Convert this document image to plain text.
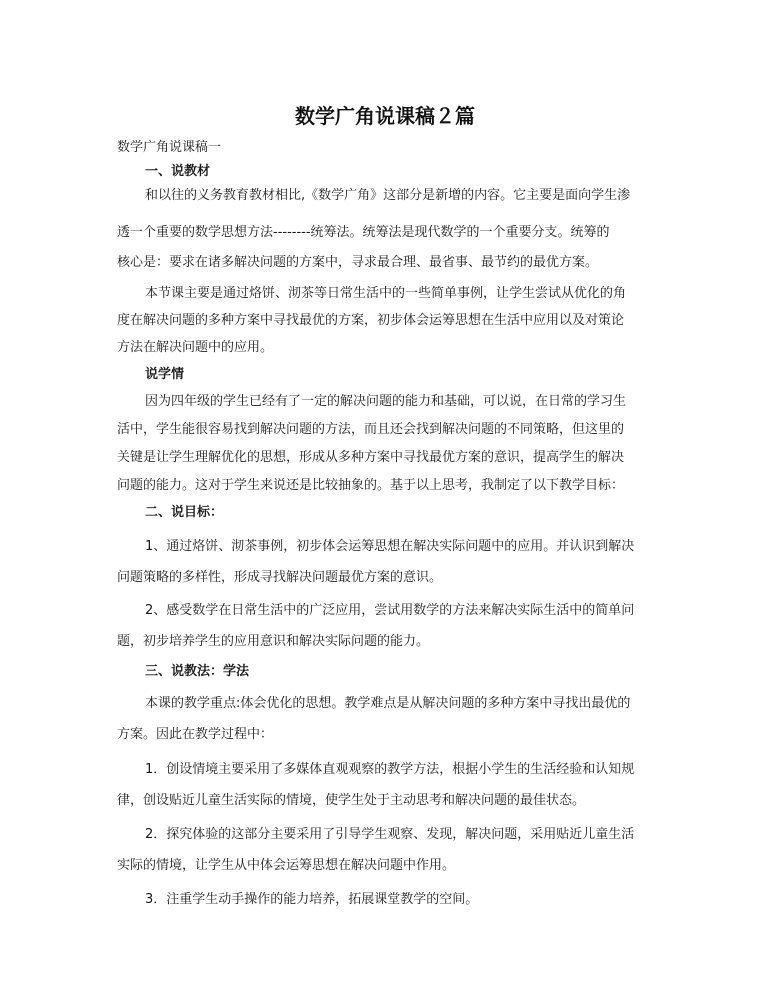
数学广角说课稿２篇
数学广角说课稿一
一、说教材
和以往的义务教育教材相比,《数学广角》这部分是新增的内容。它主要是面向学生渗
透一个重要的数学思想方法--------统筹法。统筹法是现代数学的一个重要分支。统筹的
核心是：要求在诸多解决问题的方案中，寻求最合理、最省事、最节约的最优方案。
本节课主要是通过烙饼、沏茶等日常生活中的一些简单事例，让学生尝试从优化的角
度在解决问题的多种方案中寻找最优的方案，初步体会运筹思想在生活中应用以及对策论
方法在解决问题中的应用。
说学情
因为四年级的学生已经有了一定的解决问题的能力和基础，可以说，在日常的学习生
活中，学生能很容易找到解决问题的方法，而且还会找到解决问题的不同策略，但这里的
关键是让学生理解优化的思想，形成从多种方案中寻找最优方案的意识，提高学生的解决
问题的能力。这对于学生来说还是比较抽象的。基于以上思考，我制定了以下教学目标：
二、说目标：
1、通过烙饼、沏茶事例，初步体会运筹思想在解决实际问题中的应用。并认识到解决
问题策略的多样性，形成寻找解决问题最优方案的意识。
2、感受数学在日常生活中的广泛应用，尝试用数学的方法来解决实际生活中的简单问
题，初步培养学生的应用意识和解决实际问题的能力。
三、说教法：学法
本课的教学重点:体会优化的思想。教学难点是从解决问题的多种方案中寻找出最优的
方案。因此在教学过程中：
1．创设情境主要采用了多媒体直观观察的教学方法，根据小学生的生活经验和认知规
律，创设贴近儿童生活实际的情境，使学生处于主动思考和解决问题的最佳状态。
2．探究体验的这部分主要采用了引导学生观察、发现，解决问题，采用贴近儿童生活
实际的情境，让学生从中体会运筹思想在解决问题中作用。
3．注重学生动手操作的能力培养，拓展课堂教学的空间。
